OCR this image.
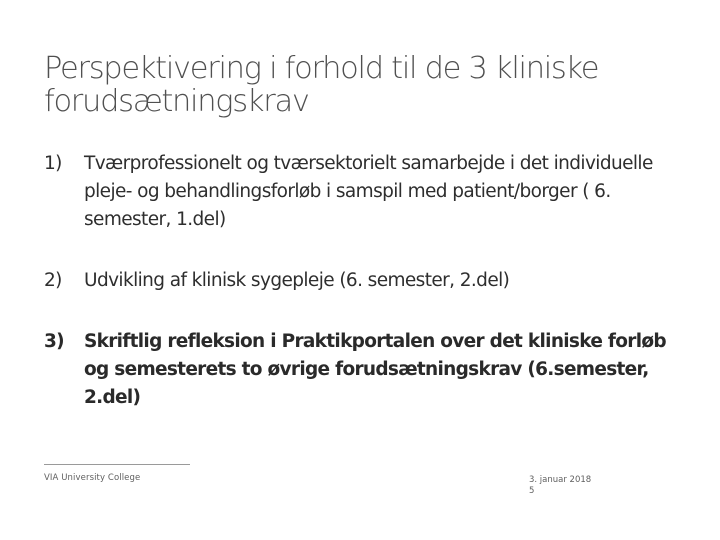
Perspektivering i forhold til de 3 kliniske forudsætningskrav
1) Tværprofessionelt og tværsektorielt samarbejde i det individuelle pleje- og behandlingsforløb i samspil med patient/borger ( 6. semester, 1.del)
2) Udvikling af klinisk sygepleje (6. semester, 2.del)
3) Skriftlig refleksion i Praktikportalen over det kliniske forløb og semesterets to øvrige forudsætningskrav (6.semester, 2.del)
VIA University College	3. januar 2018
5
